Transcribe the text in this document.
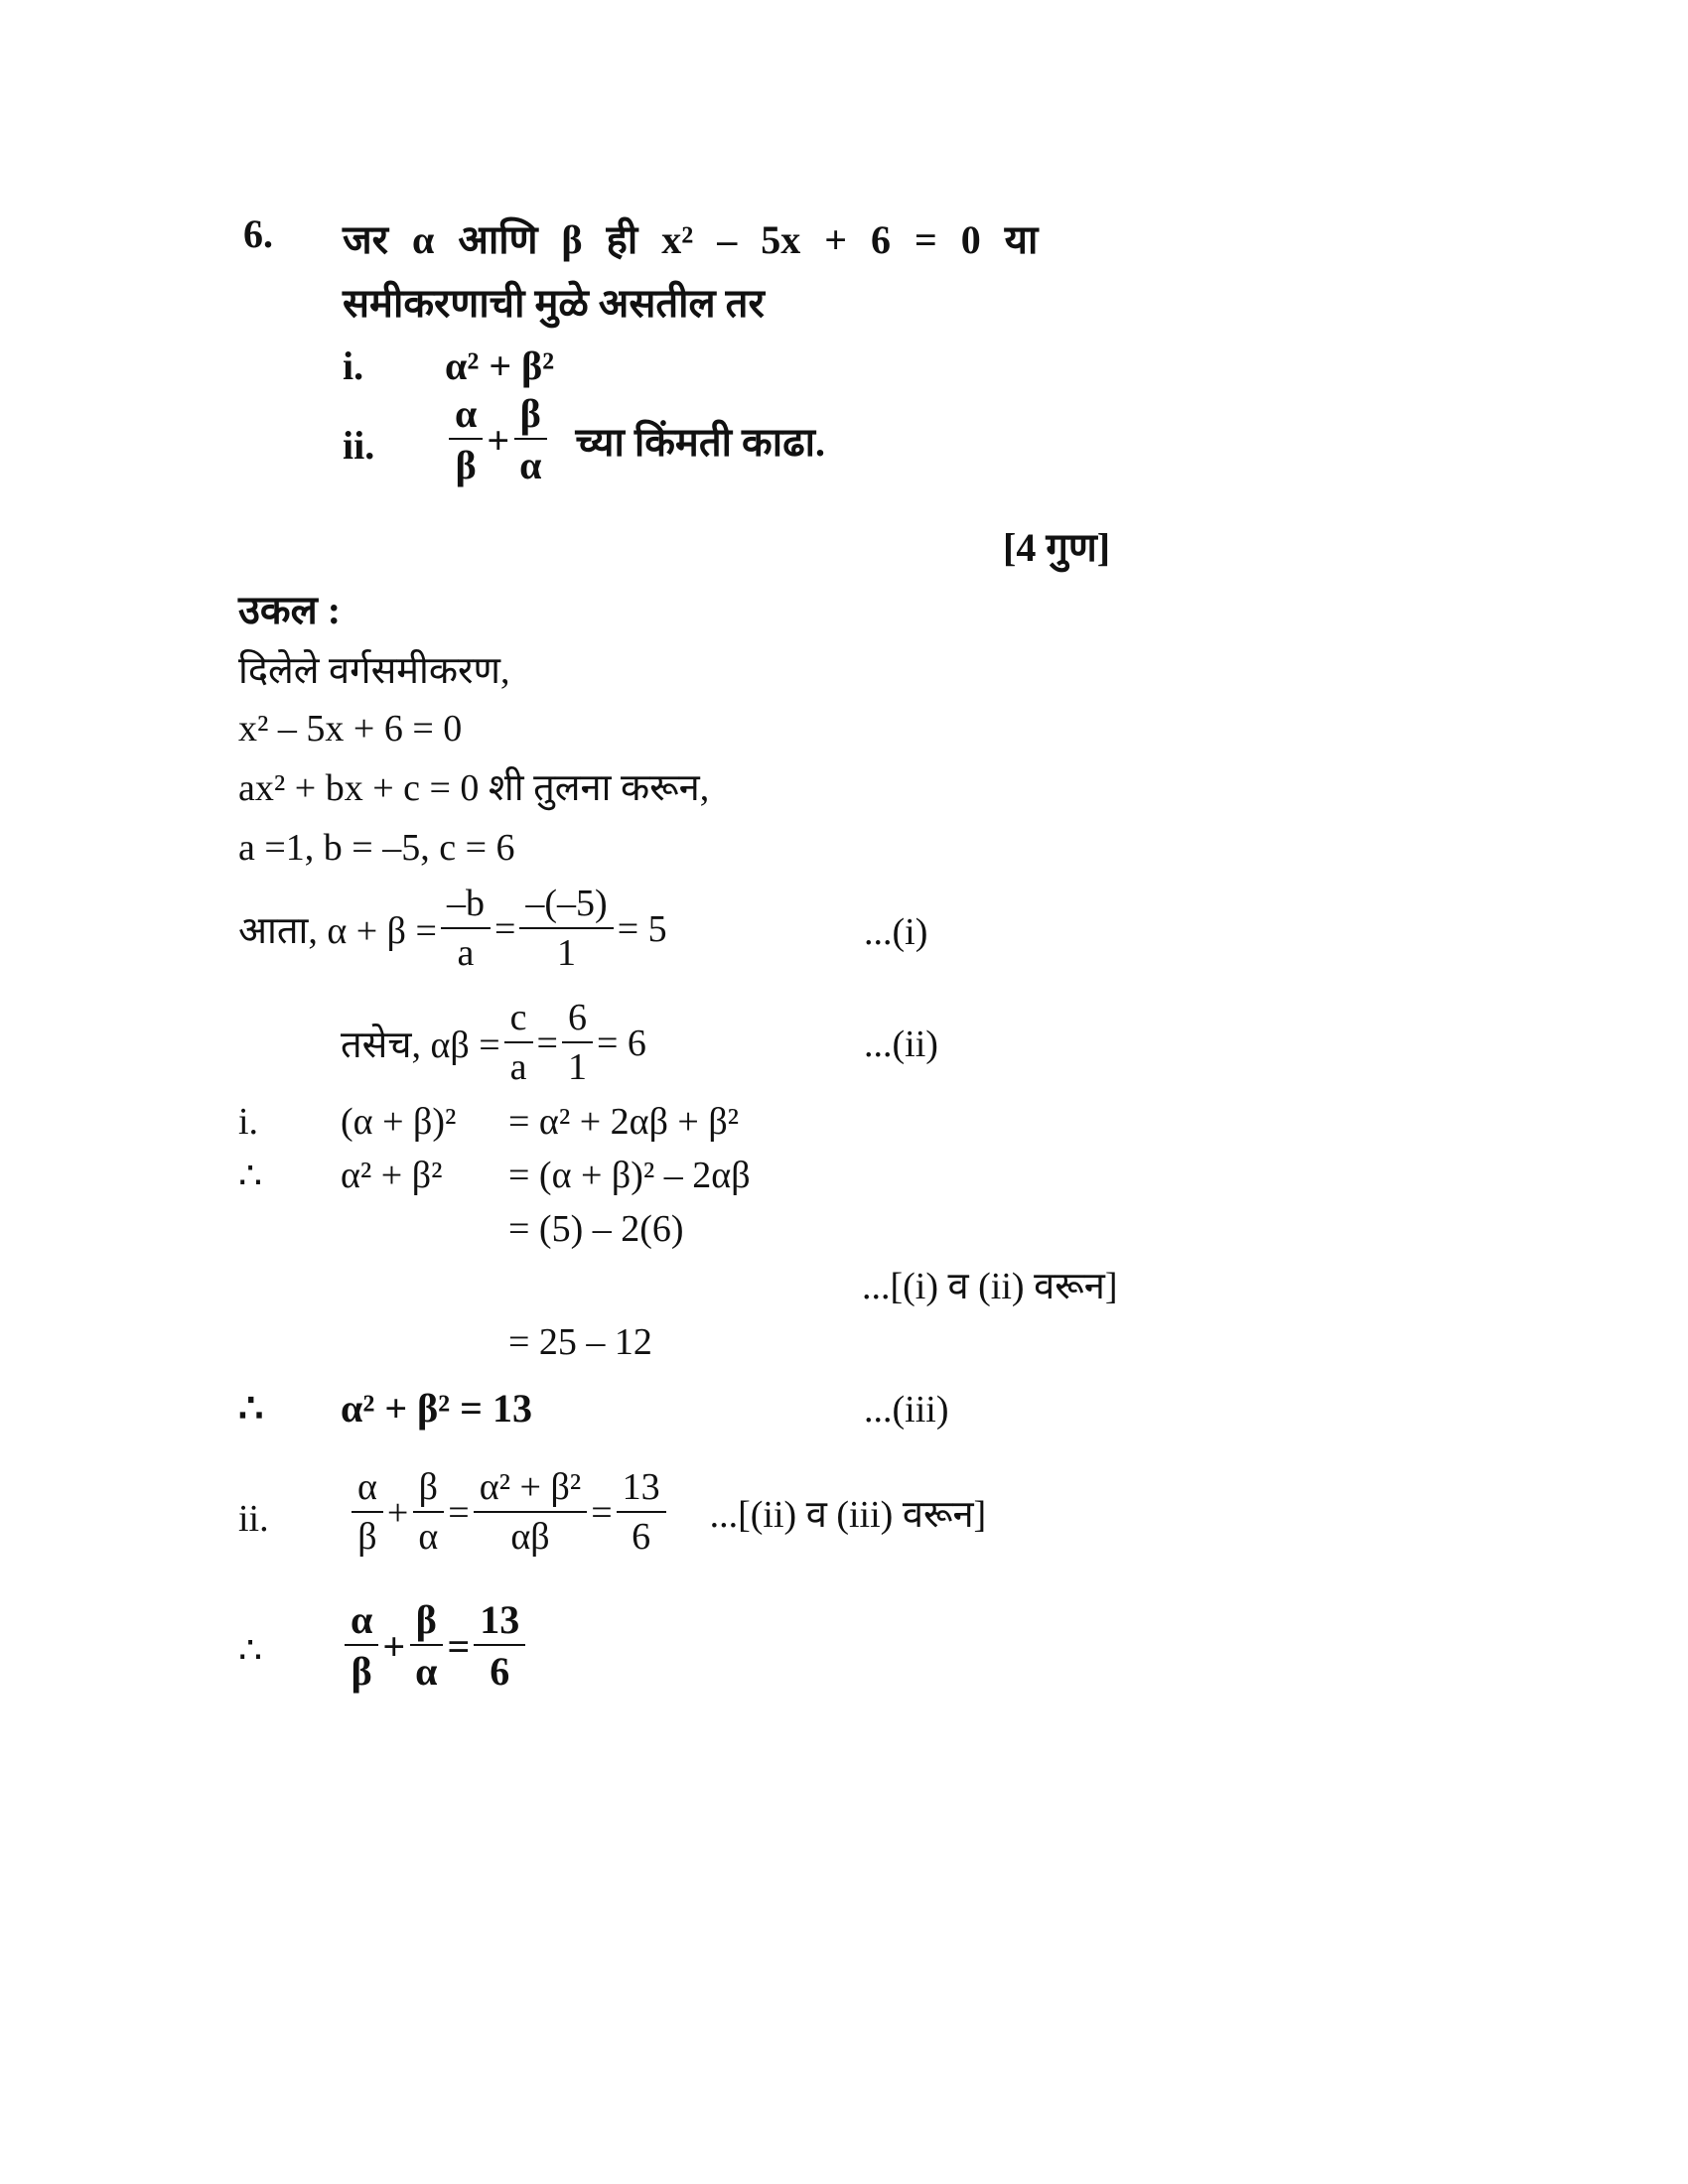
6. जर α आणि β ही x² – 5x + 6 = 0 या
समीकरणाची मुळे असतील तर
i. α² + β²
ii. $\frac{\alpha}{\beta} + \frac{\beta}{\alpha}$ च्या किंमती काढा.
[4 गुण]
उकल :
दिलेले वर्गसमीकरण,
x² – 5x + 6 = 0
ax² + bx + c = 0 शी तुलना करून,
a =1, b = –5, c = 6
आता, $\alpha + \beta = \frac{-b}{a} = \frac{-(-5)}{1} = 5$	...(i)
तसेच, $\alpha\beta = \frac{c}{a} = \frac{6}{1} = 6$	...(ii)
i. (α + β)² = α² + 2αβ + β²
∴ α² + β² = (α + β)² – 2αβ
= (5) – 2(6)
...[(i) व (ii) वरून]
= 25 – 12
∴ α² + β² = 13	...(iii)
ii. $\frac{\alpha}{\beta} + \frac{\beta}{\alpha} = \frac{\text{α² + β²}}{\alpha\beta} = \frac{13}{6} ...[(ii)$ व (iii) वरून]
∴ $\frac{\alpha}{\beta} + \frac{\beta}{\alpha} = \frac{13}{6}$
